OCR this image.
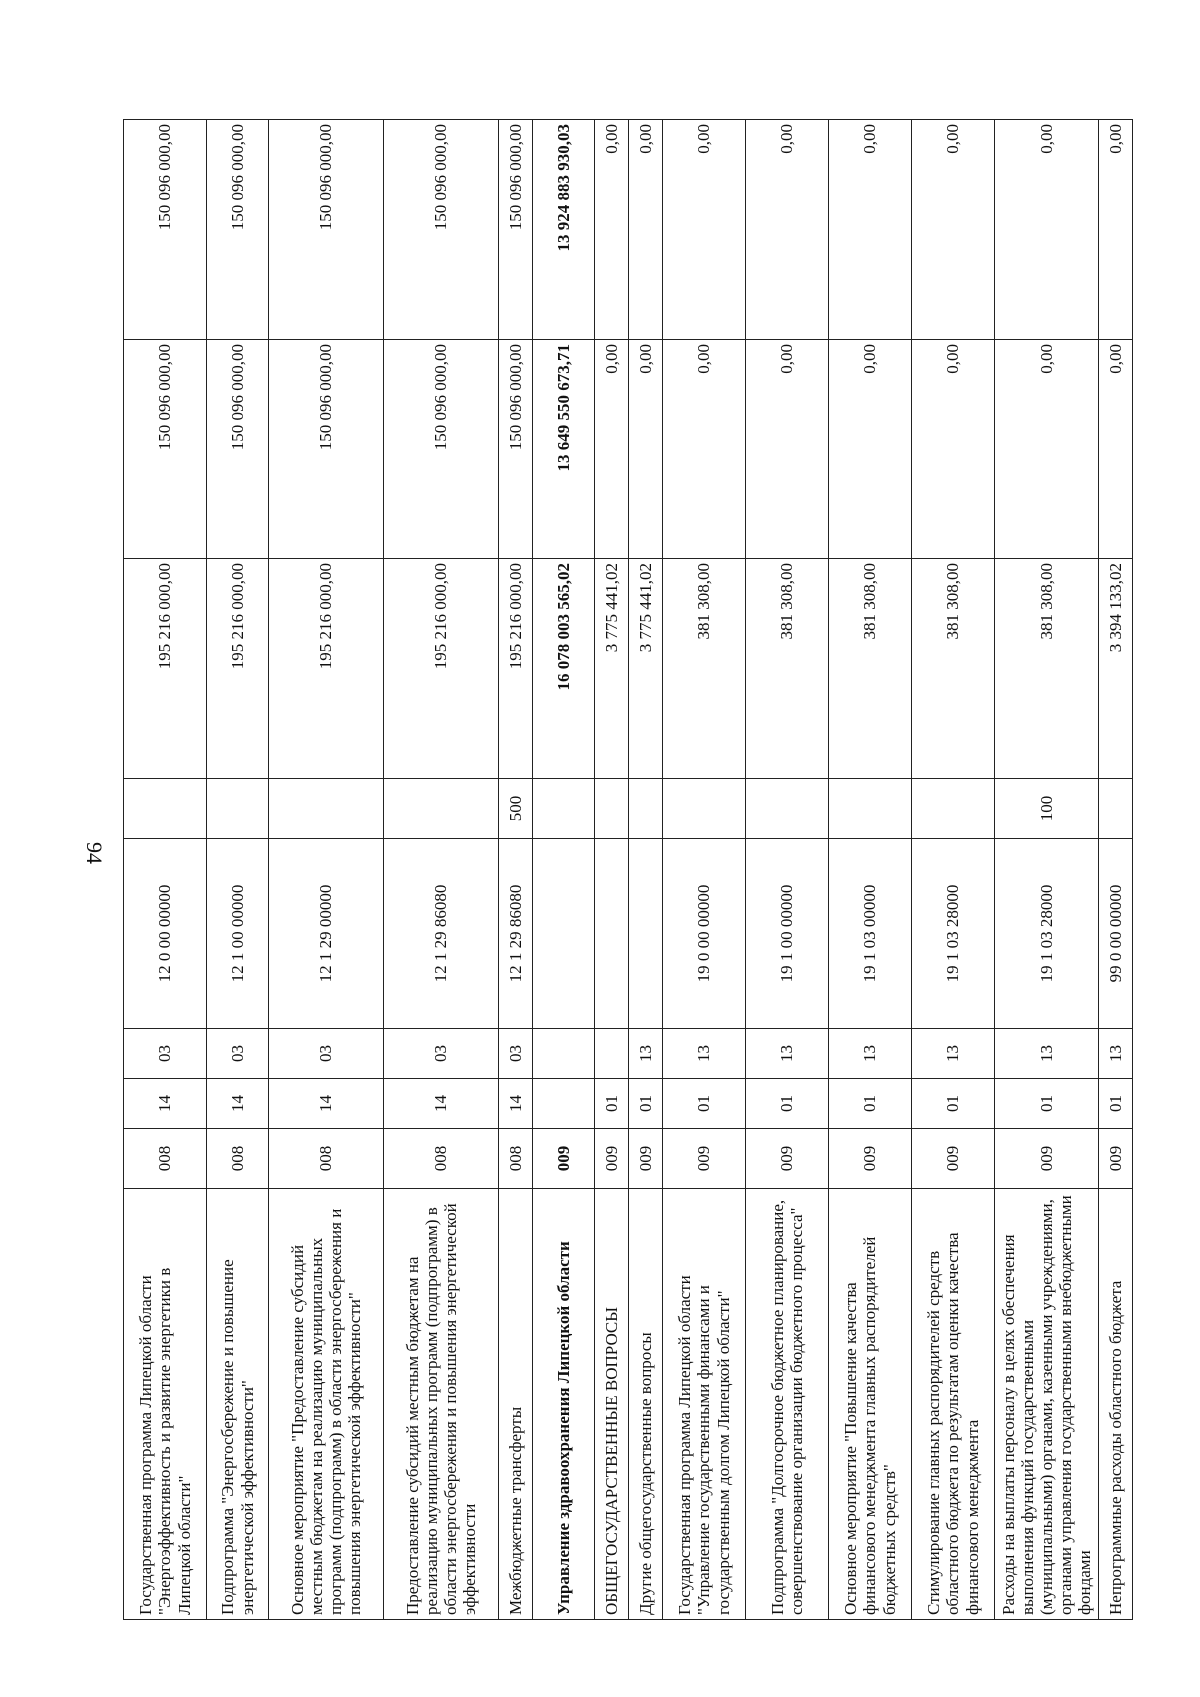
94
Государственная программа Липецкой области "Энергоэффективность и развитие энергетики в Липецкой области"	008	14	03	12 0 00 00000		195 216 000,00	150 096 000,00	150 096 000,00
Подпрограмма "Энергосбережение и повышение энергетической эффективности"	008	14	03	12 1 00 00000		195 216 000,00	150 096 000,00	150 096 000,00
Основное мероприятие "Предоставление субсидий местным бюджетам на реализацию муниципальных программ (подпрограмм) в области энергосбережения и повышения энергетической эффективности"	008	14	03	12 1 29 00000		195 216 000,00	150 096 000,00	150 096 000,00
Предоставление субсидий местным бюджетам на реализацию муниципальных программ (подпрограмм) в области энергосбережения и повышения энергетической эффективности	008	14	03	12 1 29 86080		195 216 000,00	150 096 000,00	150 096 000,00
Межбюджетные трансферты	008	14	03	12 1 29 86080	500	195 216 000,00	150 096 000,00	150 096 000,00
Управление здравоохранения Липецкой области	009					16 078 003 565,02	13 649 550 673,71	13 924 883 930,03
ОБЩЕГОСУДАРСТВЕННЫЕ ВОПРОСЫ	009	01				3 775 441,02	0,00	0,00
Другие общегосударственные вопросы	009	01	13			3 775 441,02	0,00	0,00
Государственная программа Липецкой области "Управление государственными финансами и государственным долгом Липецкой области"	009	01	13	19 0 00 00000		381 308,00	0,00	0,00
Подпрограмма "Долгосрочное бюджетное планирование, совершенствование организации бюджетного процесса"	009	01	13	19 1 00 00000		381 308,00	0,00	0,00
Основное мероприятие "Повышение качества финансового менеджмента главных распорядителей бюджетных средств"	009	01	13	19 1 03 00000		381 308,00	0,00	0,00
Стимулирование главных распорядителей средств областного бюджета по результатам оценки качества финансового менеджмента	009	01	13	19 1 03 28000		381 308,00	0,00	0,00
Расходы на выплаты персоналу в целях обеспечения выполнения функций государственными (муниципальными) органами, казенными учреждениями, органами управления государственными внебюджетными фондами	009	01	13	19 1 03 28000	100	381 308,00	0,00	0,00
Непрограммные расходы областного бюджета	009	01	13	99 0 00 00000		3 394 133,02	0,00	0,00
